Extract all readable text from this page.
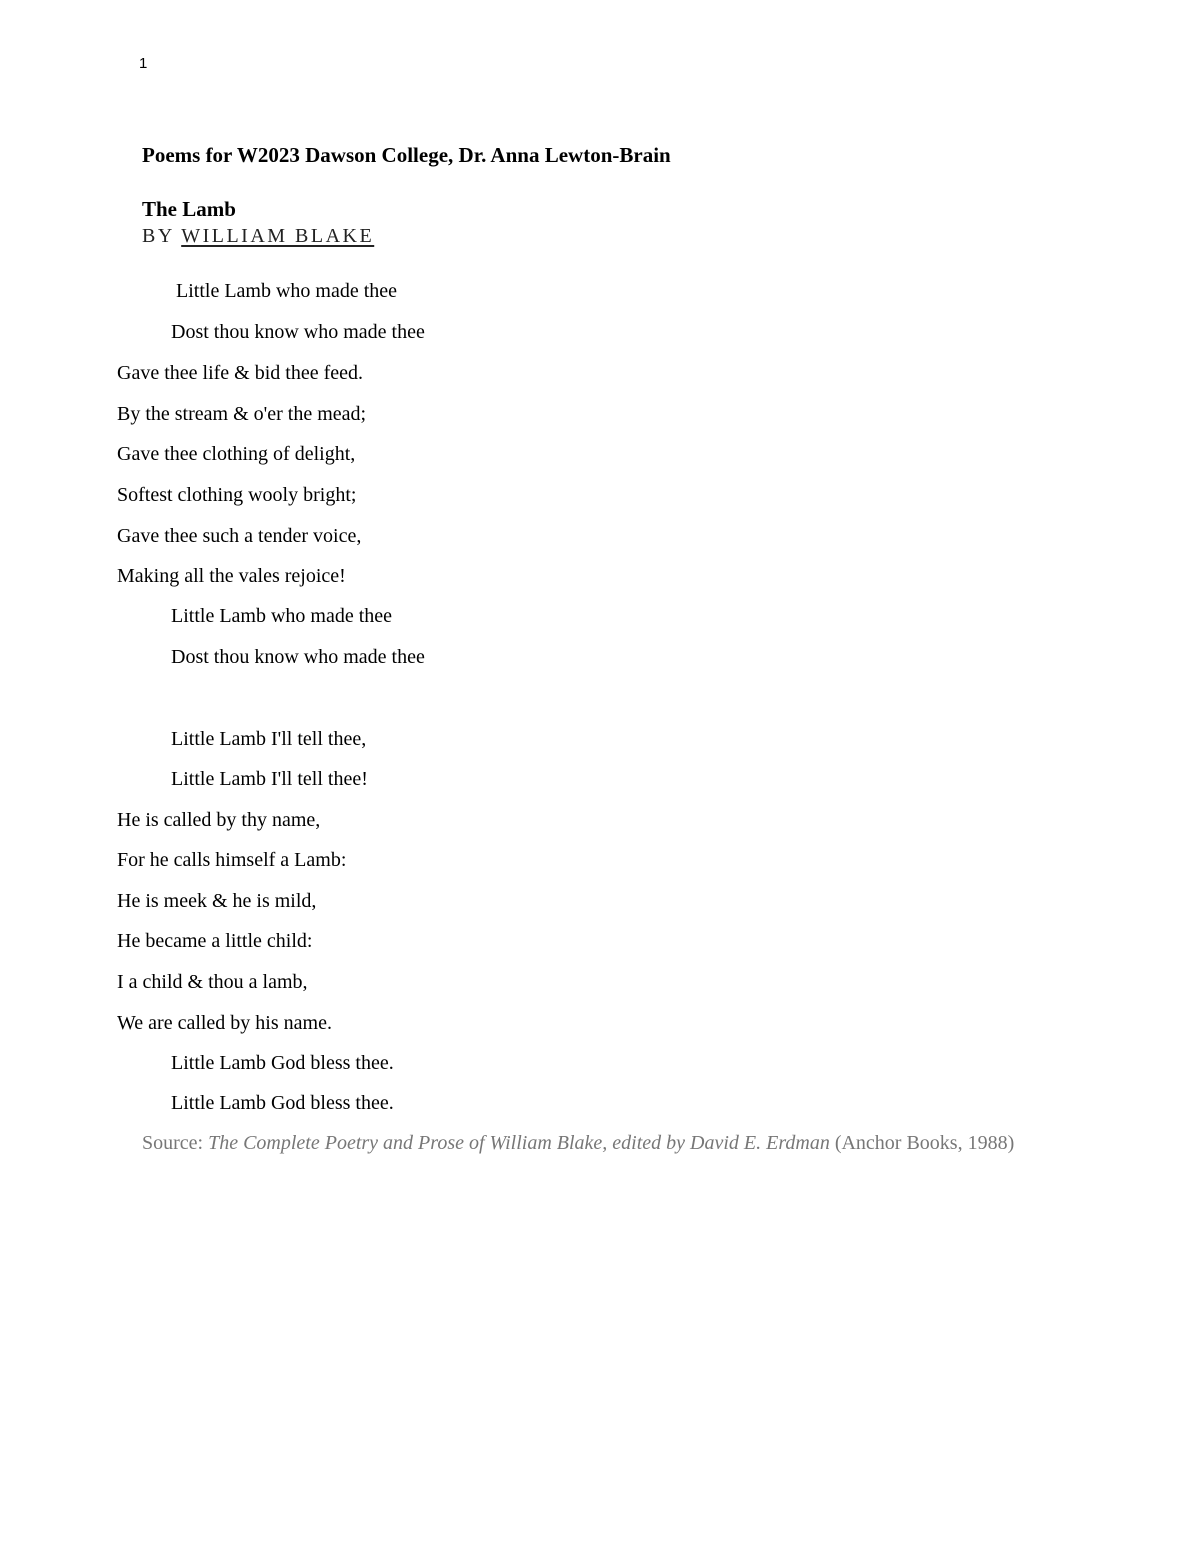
1
Poems for W2023 Dawson College, Dr. Anna Lewton-Brain
The Lamb
BY WILLIAM BLAKE
Little Lamb who made thee
Dost thou know who made thee
Gave thee life & bid thee feed.
By the stream & o'er the mead;
Gave thee clothing of delight,
Softest clothing wooly bright;
Gave thee such a tender voice,
Making all the vales rejoice!
Little Lamb who made thee
Dost thou know who made thee
Little Lamb I'll tell thee,
Little Lamb I'll tell thee!
He is called by thy name,
For he calls himself a Lamb:
He is meek & he is mild,
He became a little child:
I a child & thou a lamb,
We are called by his name.
Little Lamb God bless thee.
Little Lamb God bless thee.
Source: The Complete Poetry and Prose of William Blake, edited by David E. Erdman (Anchor Books, 1988)
